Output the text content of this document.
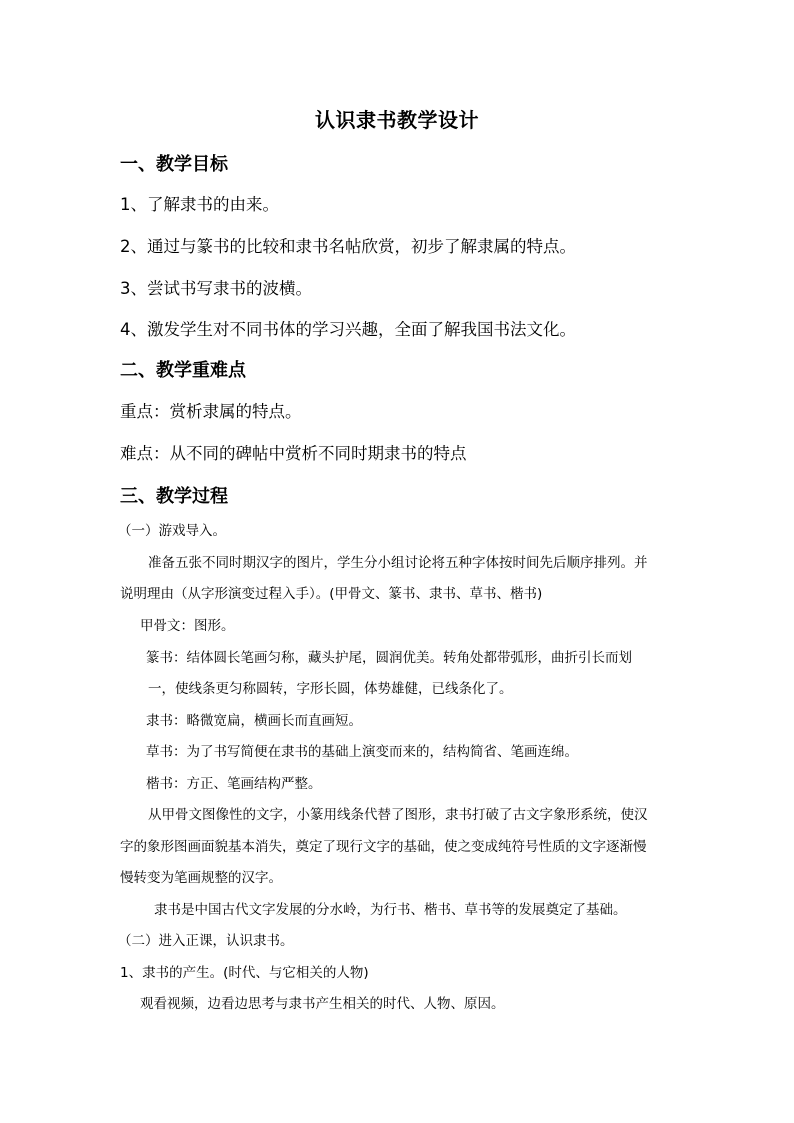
认识隶书教学设计
一、教学目标
1、了解隶书的由来。
2、通过与篆书的比较和隶书名帖欣赏，初步了解隶属的特点。
3、尝试书写隶书的波横。
4、激发学生对不同书体的学习兴趣，全面了解我国书法文化。
二、教学重难点
重点：赏析隶属的特点。
难点：从不同的碑帖中赏析不同时期隶书的特点
三、教学过程
（一）游戏导入。
准备五张不同时期汉字的图片，学生分小组讨论将五种字体按时间先后顺序排列。并
说明理由（从字形演变过程入手）。(甲骨文、篆书、隶书、草书、楷书)
甲骨文：图形。
篆书：结体圆长笔画匀称，藏头护尾，圆润优美。转角处都带弧形，曲折引长而划
一，使线条更匀称圆转，字形长圆，体势雄健，已线条化了。
隶书：略微宽扁，横画长而直画短。
草书：为了书写简便在隶书的基础上演变而来的，结构简省、笔画连绵。
楷书：方正、笔画结构严整。
从甲骨文图像性的文字，小篆用线条代替了图形，隶书打破了古文字象形系统，使汉
字的象形图画面貌基本消失，奠定了现行文字的基础，使之变成纯符号性质的文字逐渐慢
慢转变为笔画规整的汉字。
隶书是中国古代文字发展的分水岭，为行书、楷书、草书等的发展奠定了基础。
（二）进入正课，认识隶书。
1、隶书的产生。(时代、与它相关的人物)
观看视频，边看边思考与隶书产生相关的时代、人物、原因。
